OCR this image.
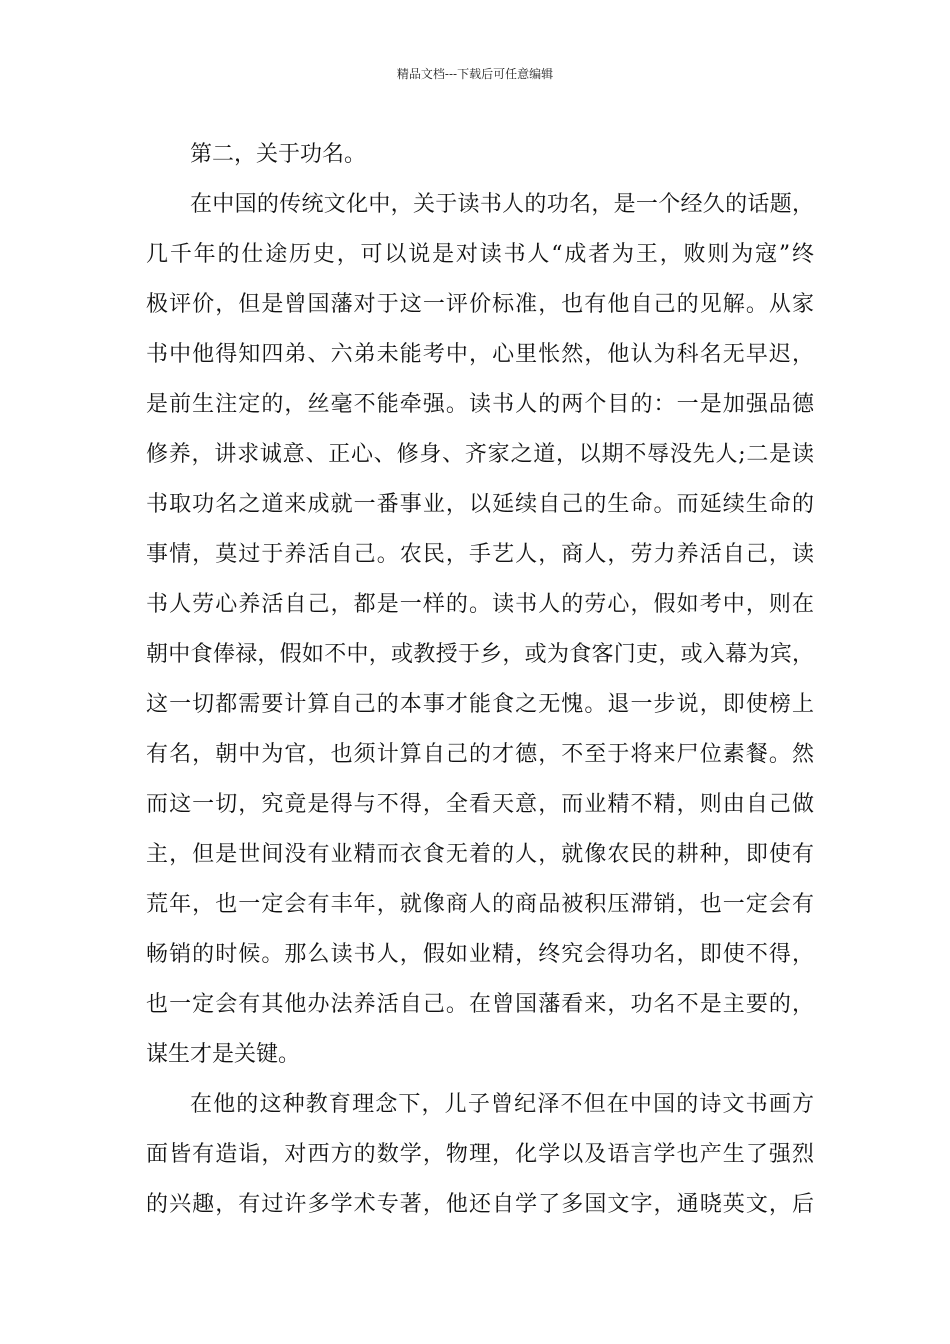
精品文档---下载后可任意编辑
第二，关于功名。
在中国的传统文化中，关于读书人的功名，是一个经久的话题，
几千年的仕途历史，可以说是对读书人“成者为王，败则为寇”终
极评价，但是曾国藩对于这一评价标准，也有他自己的见解。从家
书中他得知四弟、六弟未能考中，心里怅然，他认为科名无早迟，
是前生注定的，丝毫不能牵强。读书人的两个目的：一是加强品德
修养，讲求诚意、正心、修身、齐家之道，以期不辱没先人;二是读
书取功名之道来成就一番事业，以延续自己的生命。而延续生命的
事情，莫过于养活自己。农民，手艺人，商人，劳力养活自己，读
书人劳心养活自己，都是一样的。读书人的劳心，假如考中，则在
朝中食俸禄，假如不中，或教授于乡，或为食客门吏，或入幕为宾，
这一切都需要计算自己的本事才能食之无愧。退一步说，即使榜上
有名，朝中为官，也须计算自己的才德，不至于将来尸位素餐。然
而这一切，究竟是得与不得，全看天意，而业精不精，则由自己做
主，但是世间没有业精而衣食无着的人，就像农民的耕种，即使有
荒年，也一定会有丰年，就像商人的商品被积压滞销，也一定会有
畅销的时候。那么读书人，假如业精，终究会得功名，即使不得，
也一定会有其他办法养活自己。在曾国藩看来，功名不是主要的，
谋生才是关键。
在他的这种教育理念下，儿子曾纪泽不但在中国的诗文书画方
面皆有造诣，对西方的数学，物理，化学以及语言学也产生了强烈
的兴趣，有过许多学术专著，他还自学了多国文字，通晓英文，后
